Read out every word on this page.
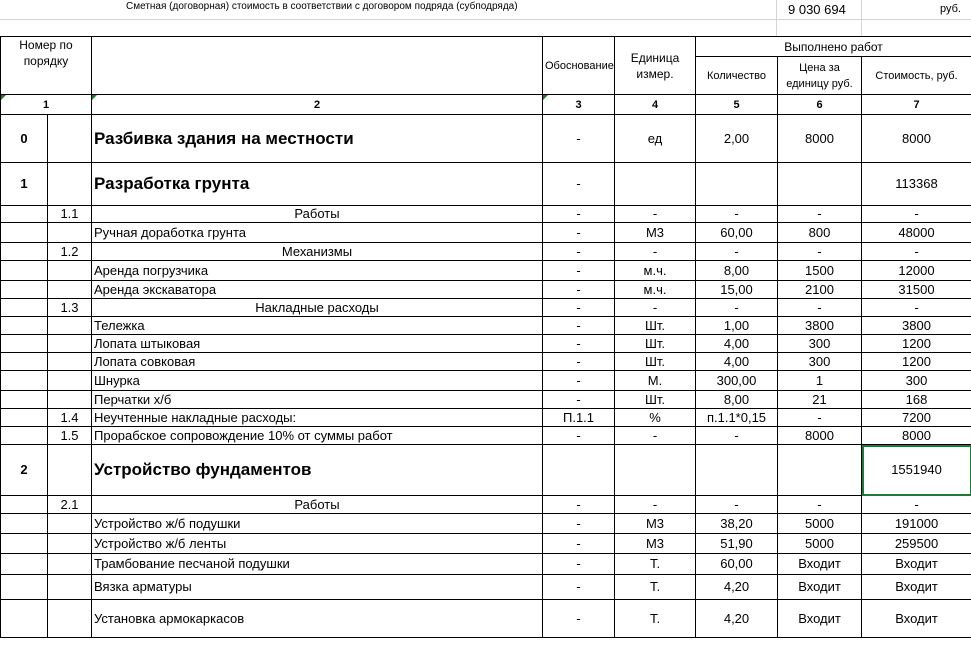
Сметная (договорная) стоимость в соответствии с договором подряда (субподряда)	9 030 694	руб.
Номер по порядку			Обоснование	Единица измер.	Выполнено работ		
					Количество	Цена за единицу руб.	Стоимость, руб.

1		2	3	4	5	6	7
0		Разбивка здания на местности	-	ед	2,00	8000	8000
1		Разработка грунта	-				113368
	1.1	Работы	-	-	-	-	-
		Ручная доработка грунта	-	М3	60,00	800	48000
	1.2	Механизмы	-	-	-	-	-
		Аренда погрузчика	-	м.ч.	8,00	1500	12000
		Аренда экскаватора	-	м.ч.	15,00	2100	31500
	1.3	Накладные расходы	-	-	-	-	-
		Тележка	-	Шт.	1,00	3800	3800
		Лопата штыковая	-	Шт.	4,00	300	1200
		Лопата совковая	-	Шт.	4,00	300	1200
		Шнурка	-	М.	300,00	1	300
		Перчатки х/б	-	Шт.	8,00	21	168
	1.4	Неучтенные накладные расходы:	П.1.1	%	п.1.1*0,15	-	7200
	1.5	Прорабское сопровождение 10% от суммы работ	-	-	-	8000	8000
2		Устройство фундаментов					1551940
	2.1	Работы	-	-	-	-	-
		Устройство ж/б подушки	-	М3	38,20	5000	191000
		Устройство ж/б ленты	-	М3	51,90	5000	259500
		Трамбование песчаной подушки	-	Т.	60,00	Входит	Входит
		Вязка арматуры	-	Т.	4,20	Входит	Входит
		Установка армокаркасов	-	Т.	4,20	Входит	Входит
